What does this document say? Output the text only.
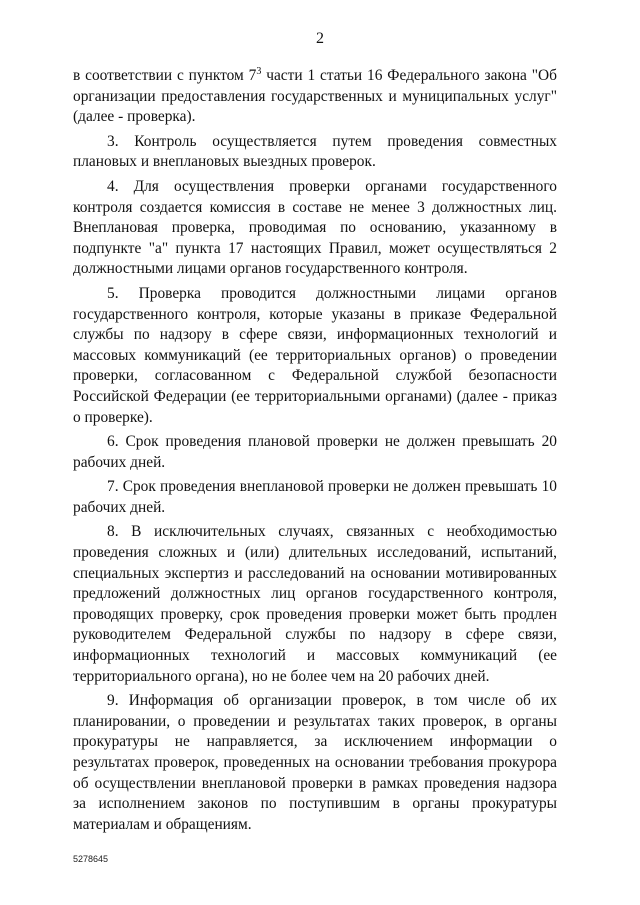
2

в соответствии с пунктом $7^3$ части 1 статьи 16 Федерального закона "Об организации предоставления государственных и муниципальных услуг" (далее - проверка).

3. Контроль осуществляется путем проведения совместных плановых и внеплановых выездных проверок.

4. Для осуществления проверки органами государственного контроля создается комиссия в составе не менее 3 должностных лиц. Внеплановая проверка, проводимая по основанию, указанному в подпункте "а" пункта 17 настоящих Правил, может осуществляться 2 должностными лицами органов государственного контроля.

5. Проверка проводится должностными лицами органов государственного контроля, которые указаны в приказе Федеральной службы по надзору в сфере связи, информационных технологий и массовых коммуникаций (ее территориальных органов) о проведении проверки, согласованном с Федеральной службой безопасности Российской Федерации (ее территориальными органами) (далее - приказ о проверке).

6. Срок проведения плановой проверки не должен превышать 20 рабочих дней.

7. Срок проведения внеплановой проверки не должен превышать 10 рабочих дней.

8. В исключительных случаях, связанных с необходимостью проведения сложных и (или) длительных исследований, испытаний, специальных экспертиз и расследований на основании мотивированных предложений должностных лиц органов государственного контроля, проводящих проверку, срок проведения проверки может быть продлен руководителем Федеральной службы по надзору в сфере связи, информационных технологий и массовых коммуникаций (ее территориального органа), но не более чем на 20 рабочих дней.

9. Информация об организации проверок, в том числе об их планировании, о проведении и результатах таких проверок, в органы прокуратуры не направляется, за исключением информации о результатах проверок, проведенных на основании требования прокурора об осуществлении внеплановой проверки в рамках проведения надзора за исполнением законов по поступившим в органы прокуратуры материалам и обращениям.

5278645
